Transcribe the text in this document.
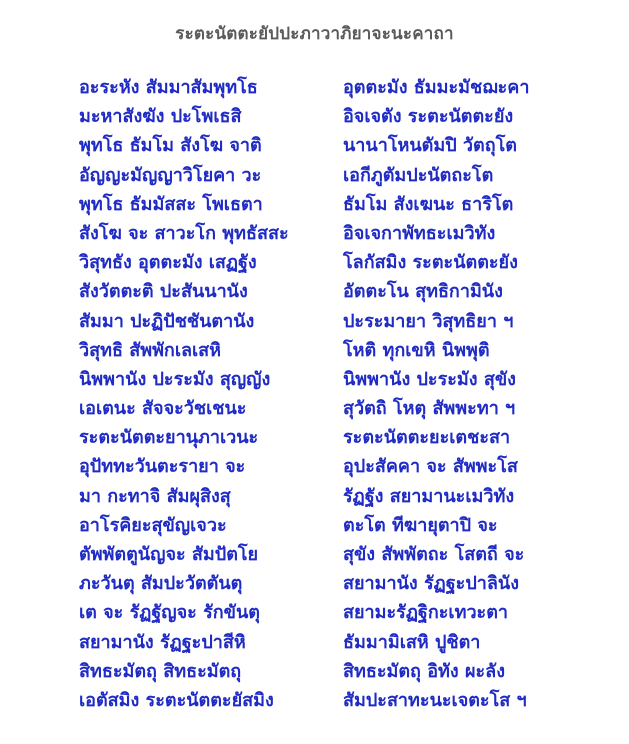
ระตะนัตตะยัปปะภาวาภิยาจะนะคาถา
อะระหัง สัมมาสัมพุทโธ
มะหาสังฆัง ปะโพเธสิ
พุทโธ ธัมโม สังโฆ จาติ
อัญญะมัญญาวิโยคา วะ
พุทโธ ธัมมัสสะ โพเธตา
สังโฆ จะ สาวะโก พุทธัสสะ
วิสุทธัง อุตตะมัง เสฏฐัง
สังวัตตะติ ปะสันนานัง
สัมมา ปะฏิปัชชันตานัง
วิสุทธิ สัพพักเลเสหิ
นิพพานัง ปะระมัง สุญญัง
เอเตนะ สัจจะวัชเชนะ
ระตะนัตตะยานุภาเวนะ
อุปัททะวันตะรายา จะ
มา กะทาจิ สัมผุสิงสุ
อาโรคิยะสุขัญเจวะ
ตัพพัตตูนัญจะ สัมปัตโย
ภะวันตุ สัมปะวัตตันตุ
เต จะ รัฏฐัญจะ รักขันตุ
สยามานัง รัฏฐะปาสีหิ
สิทธะมัตถุ สิทธะมัตถุ
เอตัสมิง ระตะนัตตะยัสมิง
อุตตะมัง ธัมมะมัชฌะคา
อิจเจตัง ระตะนัตตะยัง
นานาโหนตัมปิ วัตถุโต
เอกีภูตัมปะนัตถะโต
ธัมโม สังเฆนะ ธาริโต
อิจเจกาพัทธะเมวิทัง
โลกัสมิง ระตะนัตตะยัง
อัตตะโน สุทธิกามินัง
ปะระมายา วิสุทธิยา ฯ
โหติ ทุกเขหิ นิพพุติ
นิพพานัง ปะระมัง สุขัง
สุวัตถิ โหตุ สัพพะทา ฯ
ระตะนัตตะยะเตชะสา
อุปะสัคคา จะ สัพพะโส
รัฏฐัง สยามานะเมวิทัง
ตะโต ทีฆายุตาปิ จะ
สุขัง สัพพัตถะ โสตถี จะ
สยามานัง รัฏฐะปาลินัง
สยามะรัฏฐิกะเทวะตา
ธัมมามิเสหิ ปูชิตา
สิทธะมัตถุ อิทัง ผะลัง
สัมปะสาทะนะเจตะโส ฯ
